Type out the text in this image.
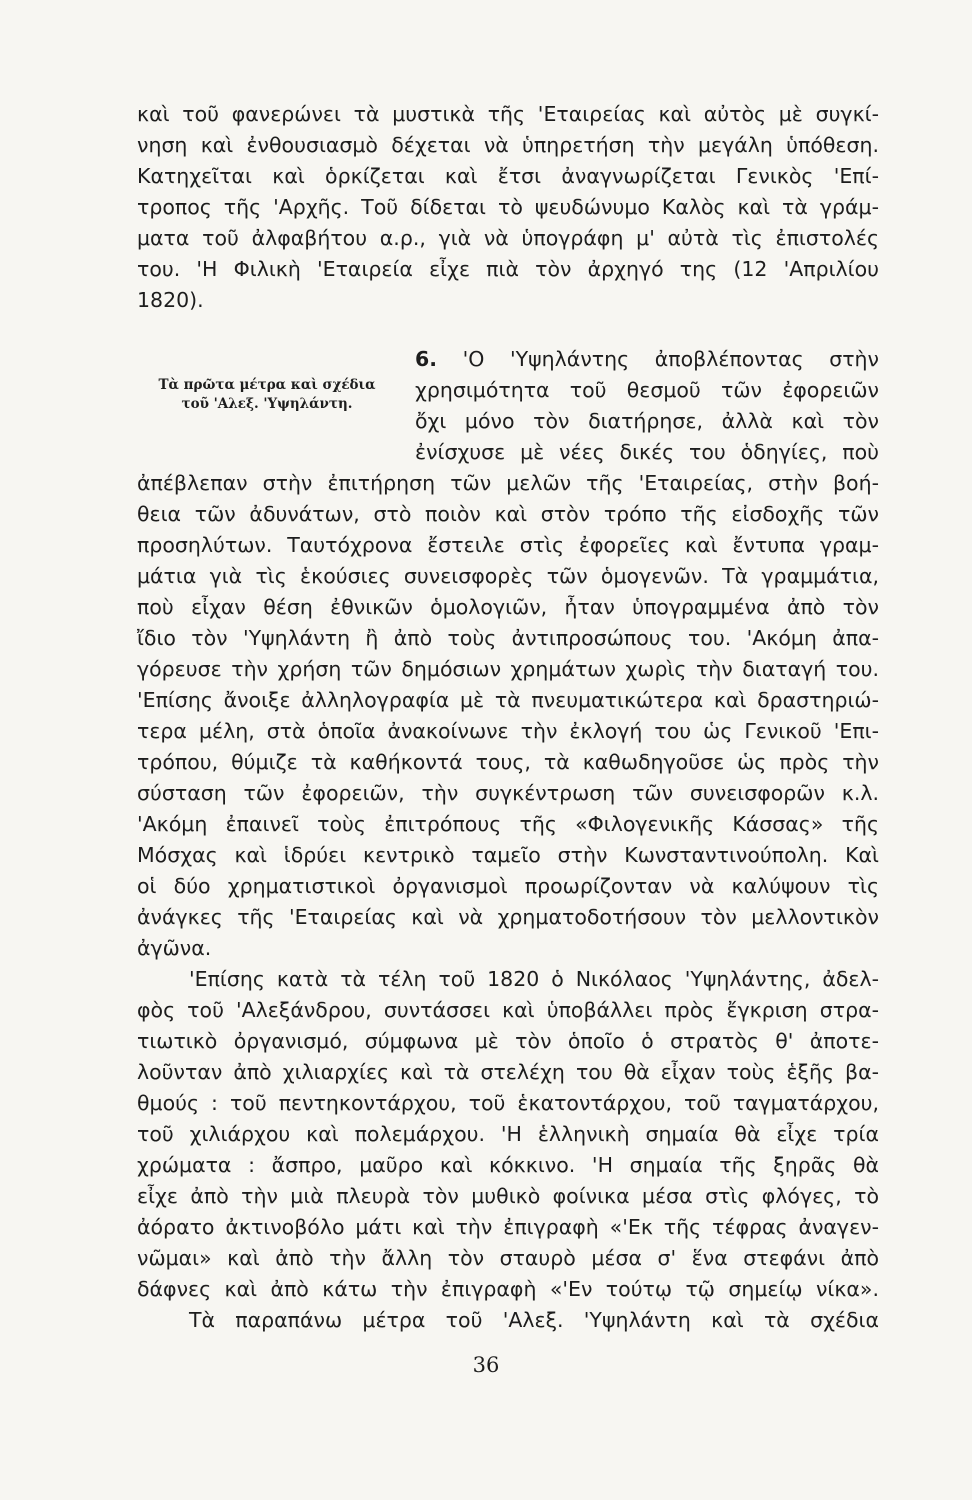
καὶ τοῦ φανερώνει τὰ μυστικὰ τῆς 'Εταιρείας καὶ αὐτὸς μὲ συγκί-
νηση καὶ ἐνθουσιασμὸ δέχεται νὰ ὑπηρετήση τὴν μεγάλη ὑπόθεση.
Κατηχεῖται καὶ ὁρκίζεται καὶ ἔτσι ἀναγνωρίζεται Γενικὸς 'Επί-
τροπος τῆς 'Αρχῆς. Τοῦ δίδεται τὸ ψευδώνυμο Καλὸς καὶ τὰ γράμ-
ματα τοῦ ἀλφαβήτου α.ρ., γιὰ νὰ ὑπογράφη μ' αὐτὰ τὶς ἐπιστολές
του. 'Η Φιλικὴ 'Εταιρεία εἶχε πιὰ τὸν ἀρχηγό της (12 'Απριλίου
1820).
Τὰ πρῶτα μέτρα καὶ σχέδια
τοῦ 'Αλεξ. 'Υψηλάντη.
6. 'Ο 'Υψηλάντης ἀποβλέποντας στὴν
χρησιμότητα τοῦ θεσμοῦ τῶν ἐφορειῶν
ὄχι μόνο τὸν διατήρησε, ἀλλὰ καὶ τὸν
ἐνίσχυσε μὲ νέες δικές του ὁδηγίες, ποὺ
ἀπέβλεπαν στὴν ἐπιτήρηση τῶν μελῶν τῆς 'Εταιρείας, στὴν βοή-
θεια τῶν ἀδυνάτων, στὸ ποιὸν καὶ στὸν τρόπο τῆς εἰσδοχῆς τῶν
προσηλύτων. Ταυτόχρονα ἔστειλε στὶς ἐφορεῖες καὶ ἔντυπα γραμ-
μάτια γιὰ τὶς ἑκούσιες συνεισφορὲς τῶν ὁμογενῶν. Τὰ γραμμάτια,
ποὺ εἶχαν θέση ἐθνικῶν ὁμολογιῶν, ἦταν ὑπογραμμένα ἀπὸ τὸν
ἴδιο τὸν 'Υψηλάντη ἢ ἀπὸ τοὺς ἀντιπροσώπους του. 'Ακόμη ἀπα-
γόρευσε τὴν χρήση τῶν δημόσιων χρημάτων χωρὶς τὴν διαταγή του.
'Επίσης ἄνοιξε ἀλληλογραφία μὲ τὰ πνευματικώτερα καὶ δραστηριώ-
τερα μέλη, στὰ ὁποῖα ἀνακοίνωνε τὴν ἐκλογή του ὡς Γενικοῦ 'Επι-
τρόπου, θύμιζε τὰ καθήκοντά τους, τὰ καθωδηγοῦσε ὡς πρὸς τὴν
σύσταση τῶν ἐφορειῶν, τὴν συγκέντρωση τῶν συνεισφορῶν κ.λ.
'Ακόμη ἐπαινεῖ τοὺς ἐπιτρόπους τῆς «Φιλογενικῆς Κάσσας» τῆς
Μόσχας καὶ ἱδρύει κεντρικὸ ταμεῖο στὴν Κωνσταντινούπολη. Καὶ
οἱ δύο χρηματιστικοὶ ὀργανισμοὶ προωρίζονταν νὰ καλύψουν τὶς
ἀνάγκες τῆς 'Εταιρείας καὶ νὰ χρηματοδοτήσουν τὸν μελλοντικὸν
ἀγῶνα.
'Επίσης κατὰ τὰ τέλη τοῦ 1820 ὁ Νικόλαος 'Υψηλάντης, ἀδελ-
φὸς τοῦ 'Αλεξάνδρου, συντάσσει καὶ ὑποβάλλει πρὸς ἔγκριση στρα-
τιωτικὸ ὀργανισμό, σύμφωνα μὲ τὸν ὁποῖο ὁ στρατὸς θ' ἀποτε-
λοῦνταν ἀπὸ χιλιαρχίες καὶ τὰ στελέχη του θὰ εἶχαν τοὺς ἑξῆς βα-
θμούς : τοῦ πεντηκοντάρχου, τοῦ ἑκατοντάρχου, τοῦ ταγματάρχου,
τοῦ χιλιάρχου καὶ πολεμάρχου. 'Η ἑλληνικὴ σημαία θὰ εἶχε τρία
χρώματα : ἄσπρο, μαῦρο καὶ κόκκινο. 'Η σημαία τῆς ξηρᾶς θὰ
εἶχε ἀπὸ τὴν μιὰ πλευρὰ τὸν μυθικὸ φοίνικα μέσα στὶς φλόγες, τὸ
ἀόρατο ἀκτινοβόλο μάτι καὶ τὴν ἐπιγραφὴ «'Εκ τῆς τέφρας ἀναγεν-
νῶμαι» καὶ ἀπὸ τὴν ἄλλη τὸν σταυρὸ μέσα σ' ἕνα στεφάνι ἀπὸ
δάφνες καὶ ἀπὸ κάτω τὴν ἐπιγραφὴ «'Εν τούτῳ τῷ σημείῳ νίκα».
Τὰ παραπάνω μέτρα τοῦ 'Αλεξ. 'Υψηλάντη καὶ τὰ σχέδια
36
